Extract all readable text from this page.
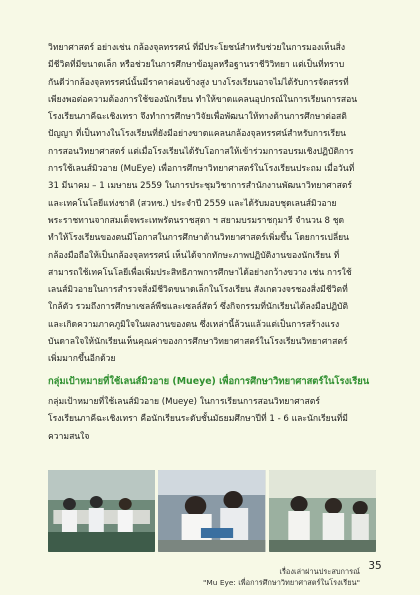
วิทยาศาสตร์ อย่างเช่น กล้องจุลทรรศน์ ที่มีประโยชน์สำหรับช่วยในการมองเห็นสิ่ง
มีชีวิตที่มีขนาดเล็ก หรือช่วยในการศึกษาข้อมูลหรือฐานราชีวิวิทยา แต่เป็นที่ทราบ
กันดีว่ากล้องจุลทรรศน์นั้นมีราคาค่อนข้างสูง บางโรงเรียนอาจไม่ได้รับการจัดสรรที่
เพียงพอต่อความต้องการใช้ของนักเรียน ทำให้ขาดแคลนอุปกรณ์ในการเรียนการสอน
โรงเรียนภาคีฉะเชิงเทรา จึงทำการศึกษาวิจัยเพื่อพัฒนาให้ทางด้านการศึกษาต่อสติ
ปัญญา ที่เป็นทางในโรงเรียนที่ยังมีอย่างขาดแคลนกล้องจุลทรรศน์สำหรับการเรียน
การสอนวิทยาศาสตร์ แต่เมื่อโรงเรียนได้รับโอกาสให้เข้าร่วมการอบรมเชิงปฏิบัติการ
การใช้เลนส์มิวอาย (MuEye) เพื่อการศึกษาวิทยาศาสตร์ในโรงเรียนประถม เมื่อวันที่
31 มีนาคม – 1 เมษายน 2559 ในการประชุมวิชาการสำนักงานพัฒนาวิทยาศาสตร์
และเทคโนโลยีแห่งชาติ (สวทช.) ประจำปี 2559 และได้รับมอบชุดเลนส์มิวอาย
พระราชทานจากสมเด็จพระเทพรัตนราชสุดา ฯ สยามบรมราชกุมารี จำนวน 8 ชุด
ทำให้โรงเรียนของตนมีโอกาสในการศึกษาด้านวิทยาศาสตร์เพิ่มขึ้น โดยการเปลี่ยน
กล้องมือถือให้เป็นกล้องจุลทรรศน์ เห็นได้จากทักษะภาพปฏิบัติงานของนักเรียน ที่
สามารถใช้เทคโนโลยีเพื่อเพิ่มประสิทธิภาพการศึกษาได้อย่างกว้างขวาง เช่น การใช้
เลนส์มิวอายในการสำรวจสิ่งมีชีวิตขนาดเล็กในโรงเรียน สังเกตวงจรชองสิ่งมีชีวิตที่
ใกล้ตัว รวมถึงการศึกษาเซลล์พืชและเซลล์สัตว์ ซึ่งกิจกรรมที่นักเรียนได้ลงมือปฏิบัติ
และเกิดความภาคภูมิใจในผลงานของตน ซึ่งเหล่านี้ล้วนแล้วแต่เป็นการสร้างแรง
บันดาลใจให้นักเรียนเห็นคุณค่าของการศึกษาวิทยาศาสตร์ในโรงเรียนวิทยาศาสตร์
เพิ่มมากขึ้นอีกด้วย
กลุ่มเป้าหมายที่ใช้เลนส์มิวอาย (Mueye) เพื่อการศึกษาวิทยาศาสตร์ในโรงเรียน
กลุ่มเป้าหมายที่ใช้เลนส์มิวอาย (Mueye) ในการเรียนการสอนวิทยาศาสตร์
โรงเรียนภาคีฉะเชิงเทรา คือนักเรียนระดับชั้นมัธยมศึกษาปีที่ 1 - 6 และนักเรียนที่มี
ความสนใจ
เรื่องเล่าผ่านประสบการณ์
"Mu Eye: เพื่อการศึกษาวิทยาศาสตร์ในโรงเรียน"
35
